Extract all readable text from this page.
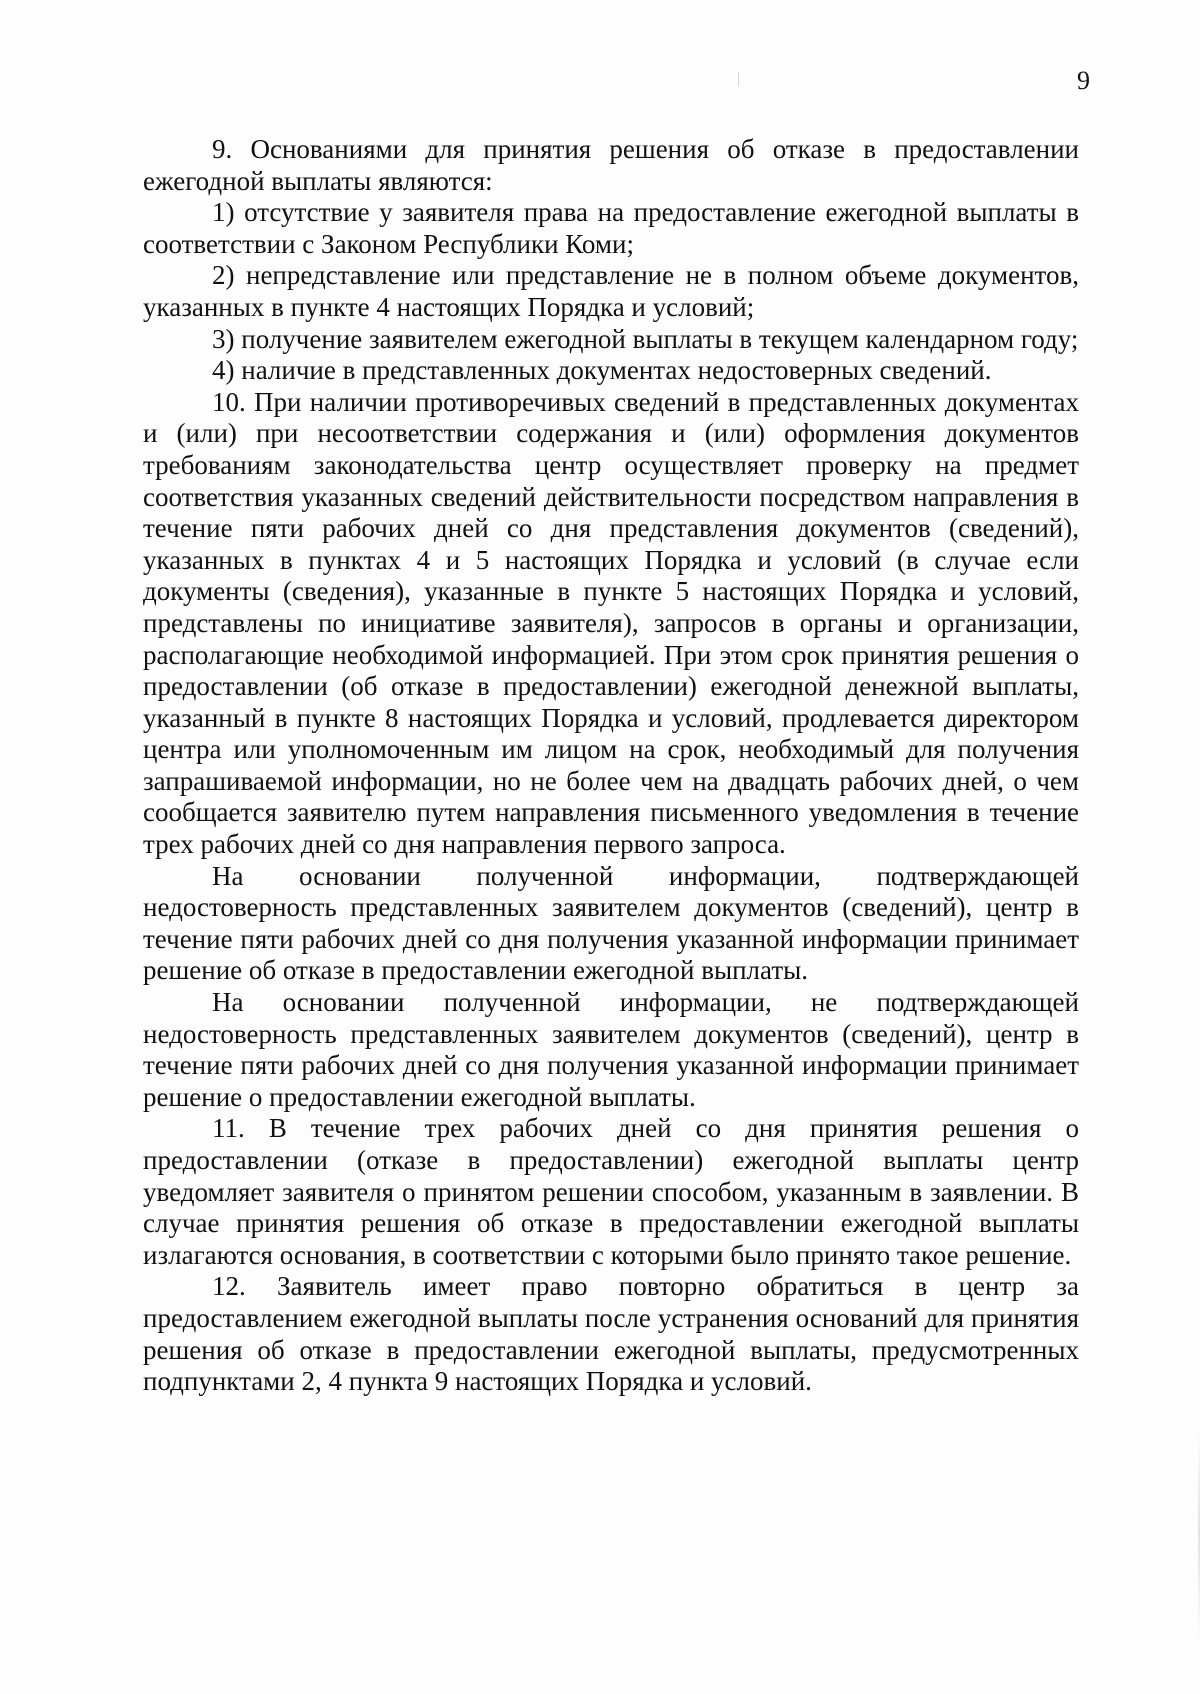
9

9. Основаниями для принятия решения об отказе в предоставлении ежегодной выплаты являются:

1) отсутствие у заявителя права на предоставление ежегодной выплаты в соответствии с Законом Республики Коми;

2) непредставление или представление не в полном объеме документов, указанных в пункте 4 настоящих Порядка и условий;

3) получение заявителем ежегодной выплаты в текущем календарном году;

4) наличие в представленных документах недостоверных сведений.

10. При наличии противоречивых сведений в представленных документах и (или) при несоответствии содержания и (или) оформления документов требованиям законодательства центр осуществляет проверку на предмет соответствия указанных сведений действительности посредством направления в течение пяти рабочих дней со дня представления документов (сведений), указанных в пунктах 4 и 5 настоящих Порядка и условий (в случае если документы (сведения), указанные в пункте 5 настоящих Порядка и условий, представлены по инициативе заявителя), запросов в органы и организации, располагающие необходимой информацией. При этом срок принятия решения о предоставлении (об отказе в предоставлении) ежегодной денежной выплаты, указанный в пункте 8 настоящих Порядка и условий, продлевается директором центра или уполномоченным им лицом на срок, необходимый для получения запрашиваемой информации, но не более чем на двадцать рабочих дней, о чем сообщается заявителю путем направления письменного уведомления в течение трех рабочих дней со дня направления первого запроса.

На основании полученной информации, подтверждающей недостоверность представленных заявителем документов (сведений), центр в течение пяти рабочих дней со дня получения указанной информации принимает решение об отказе в предоставлении ежегодной выплаты.

На основании полученной информации, не подтверждающей недостоверность представленных заявителем документов (сведений), центр в течение пяти рабочих дней со дня получения указанной информации принимает решение о предоставлении ежегодной выплаты.

11. В течение трех рабочих дней со дня принятия решения о предоставлении (отказе в предоставлении) ежегодной выплаты центр уведомляет заявителя о принятом решении способом, указанным в заявлении. В случае принятия решения об отказе в предоставлении ежегодной выплаты излагаются основания, в соответствии с которыми было принято такое решение.

12. Заявитель имеет право повторно обратиться в центр за предоставлением ежегодной выплаты после устранения оснований для принятия решения об отказе в предоставлении ежегодной выплаты, предусмотренных подпунктами 2, 4 пункта 9 настоящих Порядка и условий.
